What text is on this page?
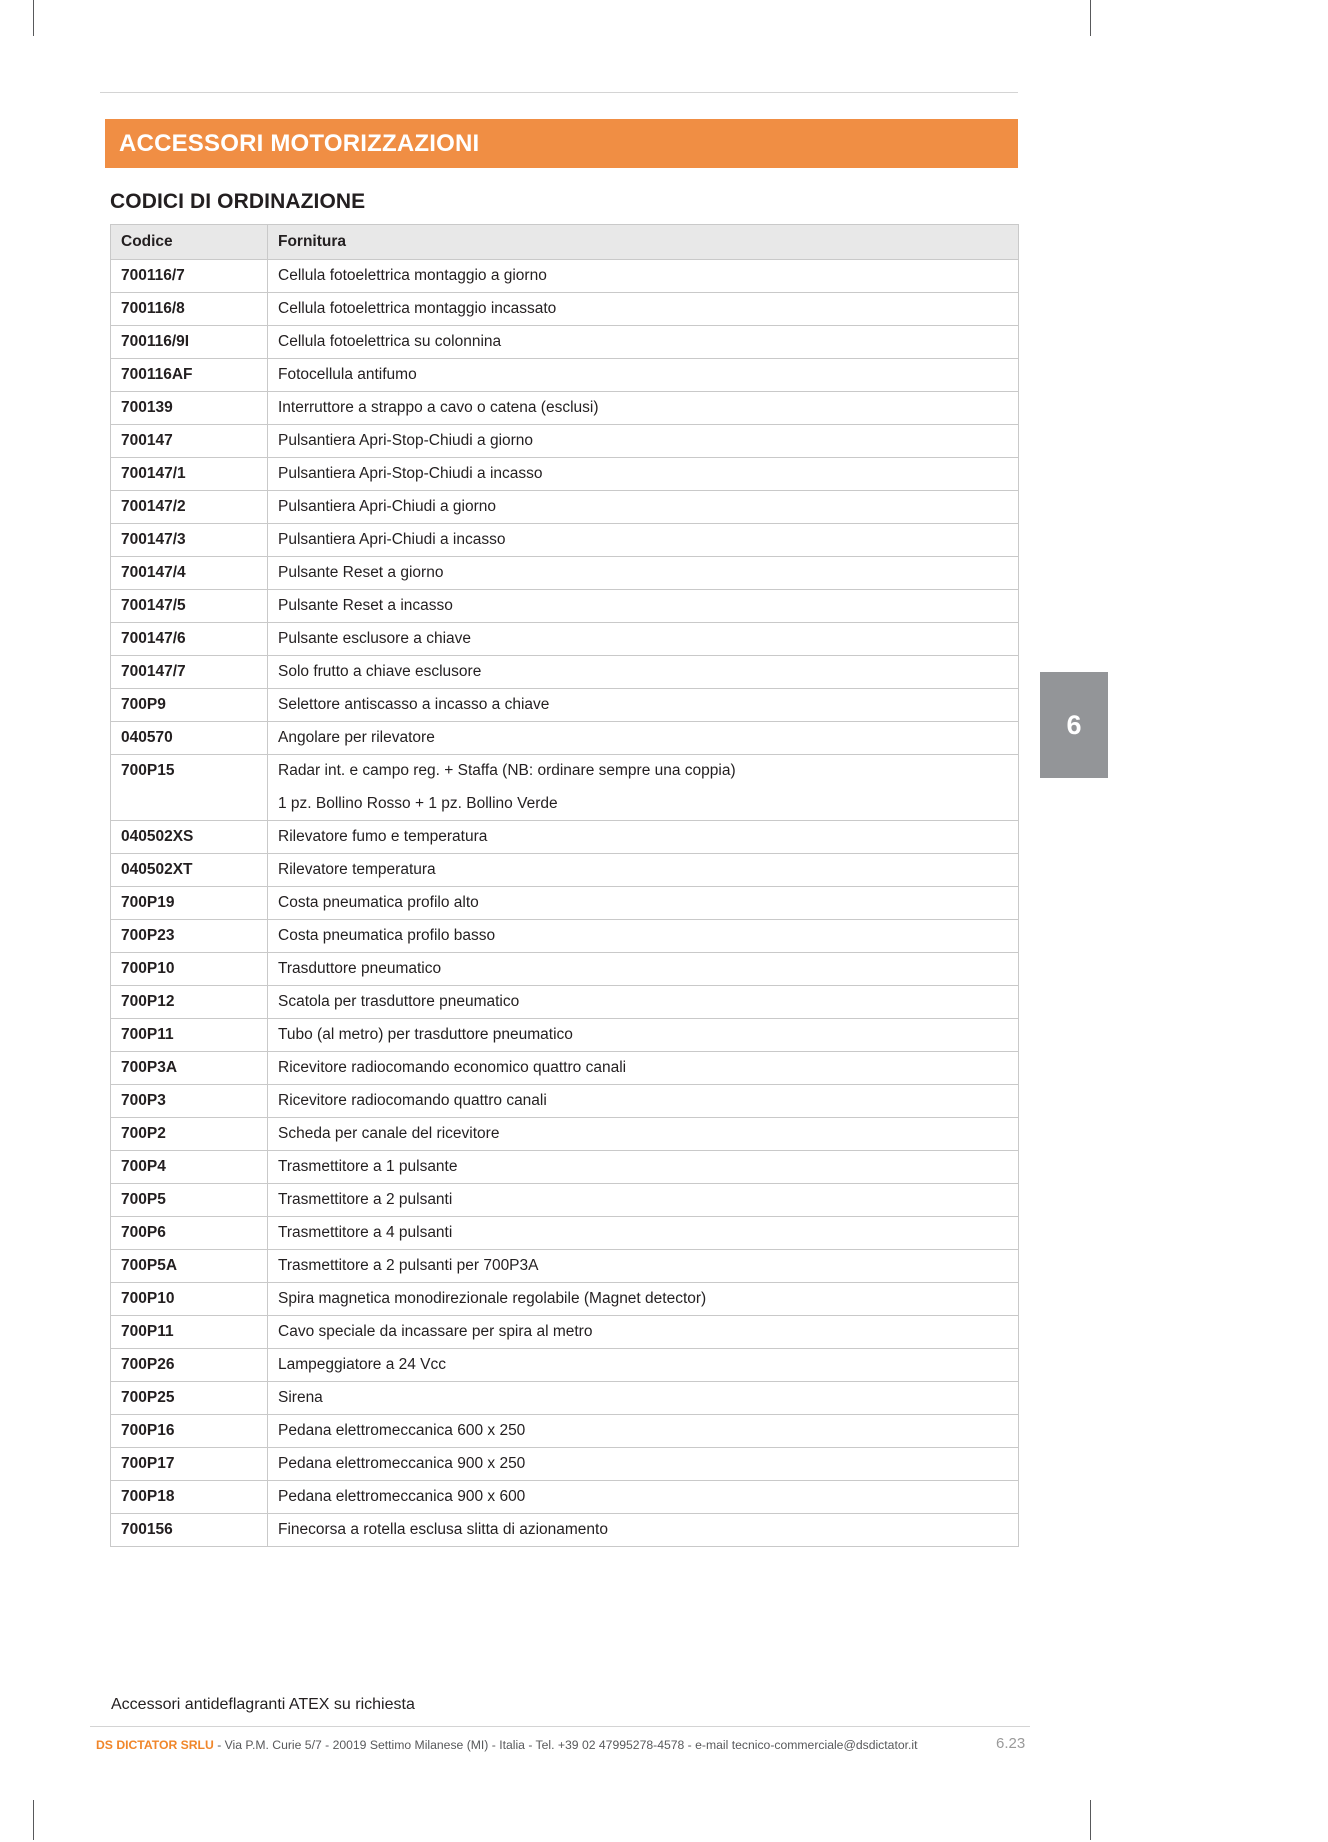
ACCESSORI MOTORIZZAZIONI
CODICI DI ORDINAZIONE
Codice	Fornitura
700116/7	Cellula fotoelettrica montaggio a giorno
700116/8	Cellula fotoelettrica montaggio incassato
700116/9I	Cellula fotoelettrica su colonnina
700116AF	Fotocellula antifumo
700139	Interruttore a strappo a cavo o catena (esclusi)
700147	Pulsantiera Apri-Stop-Chiudi a giorno
700147/1	Pulsantiera Apri-Stop-Chiudi a incasso
700147/2	Pulsantiera Apri-Chiudi a giorno
700147/3	Pulsantiera Apri-Chiudi a incasso
700147/4	Pulsante Reset a giorno
700147/5	Pulsante Reset a incasso
700147/6	Pulsante esclusore a chiave
700147/7	Solo frutto a chiave esclusore
700P9	Selettore antiscasso a incasso a chiave
040570	Angolare per rilevatore
700P15	Radar int. e campo reg. + Staffa (NB: ordinare sempre una coppia)
1 pz. Bollino Rosso + 1 pz. Bollino Verde

040502XS	Rilevatore fumo e temperatura
040502XT	Rilevatore temperatura
700P19	Costa pneumatica profilo alto
700P23	Costa pneumatica profilo basso
700P10	Trasduttore pneumatico
700P12	Scatola per trasduttore pneumatico
700P11	Tubo (al metro) per trasduttore pneumatico
700P3A	Ricevitore radiocomando economico quattro canali
700P3	Ricevitore radiocomando quattro canali
700P2	Scheda per canale del ricevitore
700P4	Trasmettitore a 1 pulsante
700P5	Trasmettitore a 2 pulsanti
700P6	Trasmettitore a 4 pulsanti
700P5A	Trasmettitore a 2 pulsanti per 700P3A
700P10	Spira magnetica monodirezionale regolabile (Magnet detector)
700P11	Cavo speciale da incassare per spira al metro
700P26	Lampeggiatore a 24 Vcc
700P25	Sirena
700P16	Pedana elettromeccanica 600 x 250
700P17	Pedana elettromeccanica 900 x 250
700P18	Pedana elettromeccanica 900 x 600
700156	Finecorsa a rotella esclusa slitta di azionamento
Accessori antideflagranti ATEX su richiesta
DS DICTATOR SRLU - Via P.M. Curie 5/7 - 20019 Settimo Milanese (MI) - Italia - Tel. +39 02 47995278-4578 - e-mail tecnico-commerciale@dsdictator.it	6.23
6
